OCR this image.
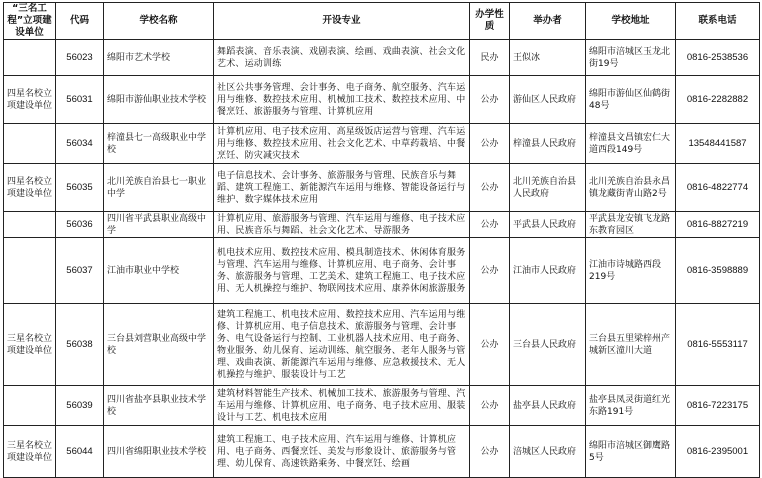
“三名工程”立项建设单位	代码	学校名称	开设专业	办学性质	举办者	学校地址	联系电话
	56023	绵阳市艺术学校	舞蹈表演、音乐表演、戏剧表演、绘画、戏曲表演、社会文化艺术、运动训练	民办	王似冰	绵阳市涪城区玉龙北街19号	0816-2538536
四星名校立项建设单位	56031	绵阳市游仙职业技术学校	社区公共事务管理、会计事务、电子商务、航空服务、汽车运用与维修、数控技术应用、机械加工技术、数控技术应用、中餐烹饪、旅游服务与管理、计算机应用	公办	游仙区人民政府	绵阳市游仙区仙鹤街48号	0816-2282882
	56034	梓潼县七一高级职业中学校	计算机应用、电子技术应用、高星级饭店运营与管理、汽车运用与维修、数控技术应用、社会文化艺术、中草药栽培、中餐烹饪、防灾减灾技术	公办	梓潼县人民政府	梓潼县文昌镇宏仁大道西段149号	13548441587
四星名校立项建设单位	56035	北川羌族自治县七一职业中学	电子信息技术、会计事务、旅游服务与管理、民族音乐与舞蹈、建筑工程施工、新能源汽车运用与维修、智能设备运行与维护、数字媒体技术应用	公办	北川羌族自治县人民政府	北川羌族自治县永昌镇龙藏街青山路2号	0816-4822774
	56036	四川省平武县职业高级中学	计算机应用、旅游服务与管理、汽车运用与维修、电子技术应用、民族音乐与舞蹈、社会文化艺术、导游服务	公办	平武县人民政府	平武县龙安镇飞龙路东教育园区	0816-8827219
	56037	江油市职业中学校	机电技术应用、数控技术应用、模具制造技术、休闲体育服务与管理、汽车运用与维修、计算机应用、电子商务、会计事务、旅游服务与管理、工艺美术、建筑工程施工、电子技术应用、无人机操控与维护、物联网技术应用、康养休闲旅游服务	公办	江油市人民政府	江油市诗城路西段219号	0816-3598889
三星名校立项建设单位	56038	三台县刘营职业高级中学校	建筑工程施工、机电技术应用、数控技术应用、汽车运用与维修、计算机应用、电子信息技术、旅游服务与管理、会计事务、电气设备运行与控制、工业机器人技术应用、电子商务、物业服务、幼儿保育、运动训练、航空服务、老年人服务与管理、戏曲表演、新能源汽车运用与维修、应急救援技术、无人机操控与维护、服装设计与工艺	公办	三台县人民政府	三台县五里梁梓州产城新区潼川大道	0816-5553117
	56039	四川省盐亭县职业技术学校	建筑材料智能生产技术、机械加工技术、旅游服务与管理、汽车运用与维修、计算机应用、电子商务、电子技术应用、服装设计与工艺、机电技术应用	公办	盐亭县人民政府	盐亭县凤灵街道红光东路191号	0816-7223175
三星名校立项建设单位	56044	四川省绵阳职业技术学校	建筑工程施工、电子技术应用、汽车运用与维修、计算机应用、电子商务、西餐烹饪、美发与形象设计、旅游服务与管理、幼儿保育、高速铁路乘务、中餐烹饪、绘画	公办	涪城区人民政府	绵阳市涪城区御鹰路5号	0816-2395001
